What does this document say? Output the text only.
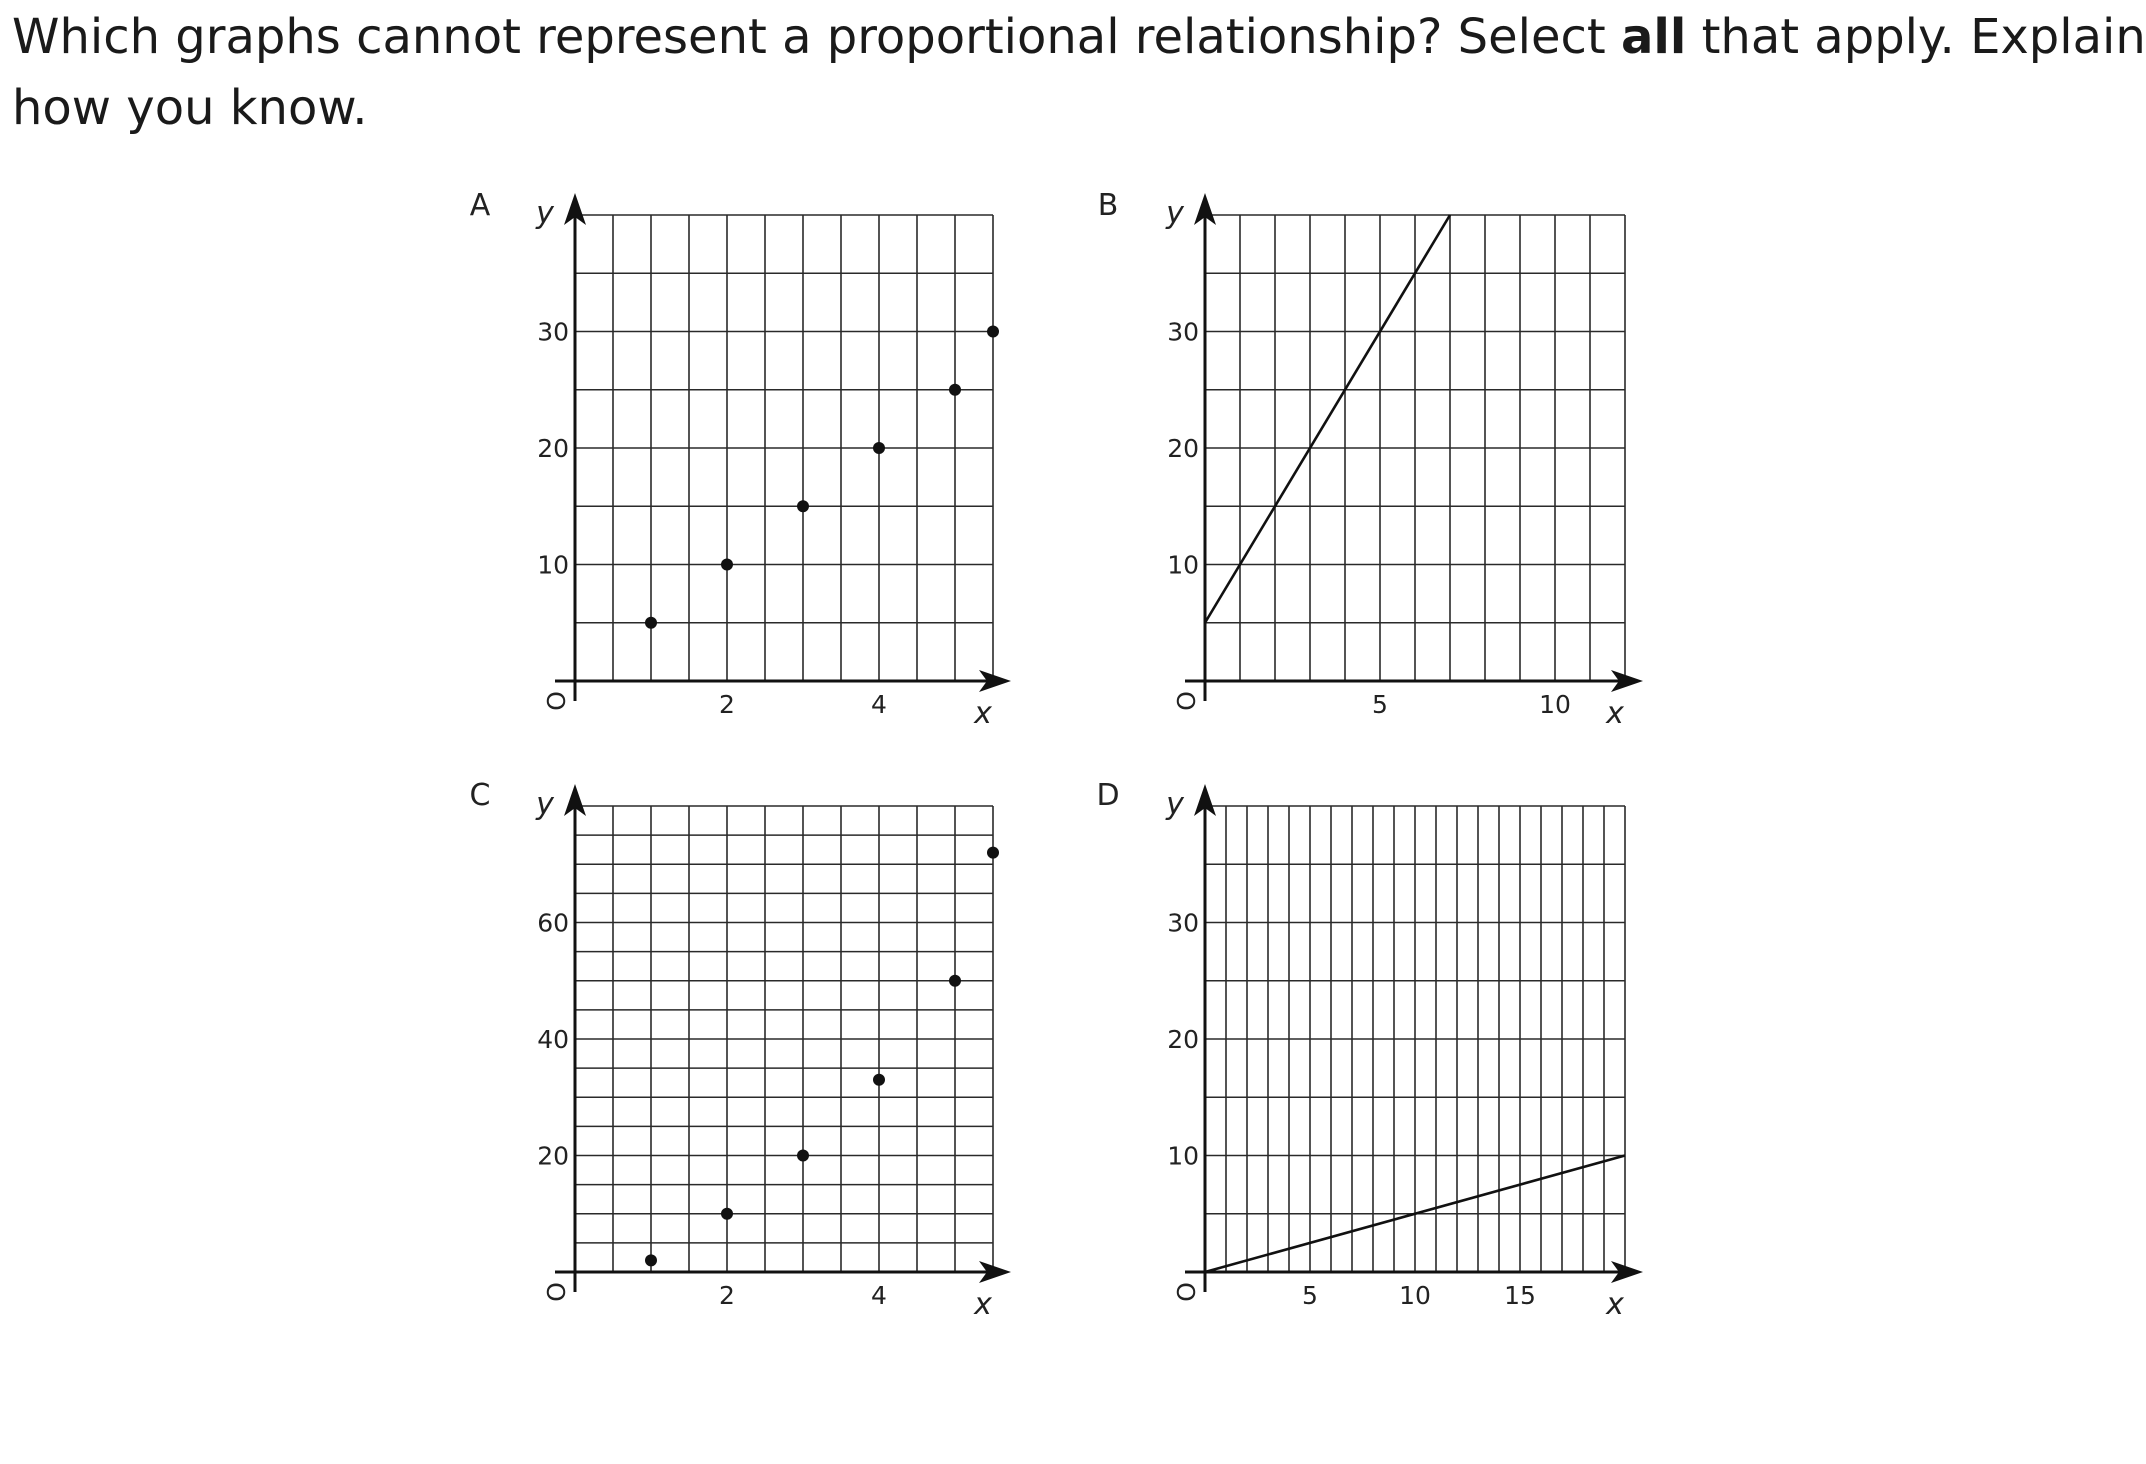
Which graphs cannot represent a proportional relationship? Select all that apply. Explain
how you know.

A
x
y
O	2	4
10
20
30
B
x
y
O	5	10
10
20
30
C
x
y
O	2	4
20
40
60
D
x
y
O	5	10	15
10
20
30
